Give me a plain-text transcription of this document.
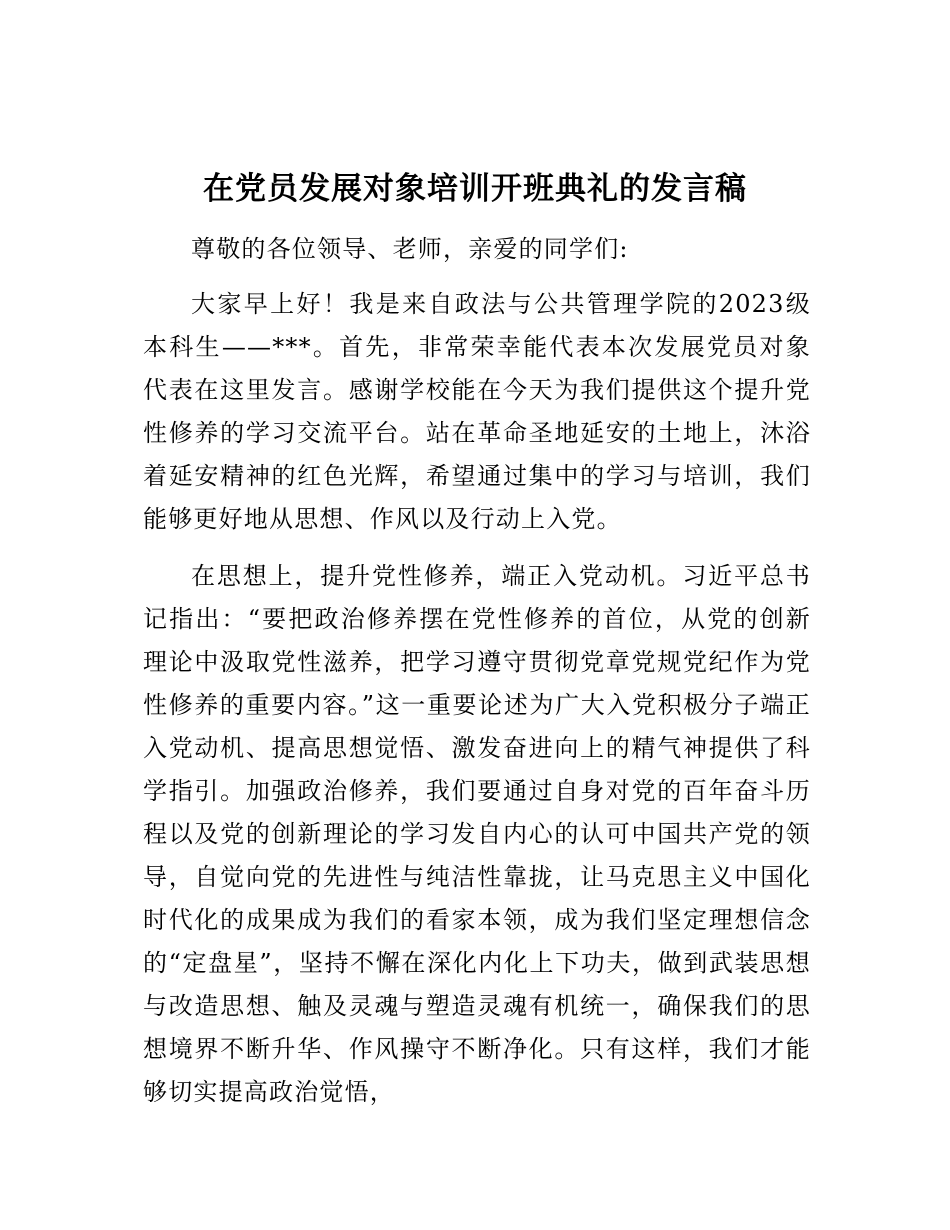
在党员发展对象培训开班典礼的发言稿

尊敬的各位领导、老师，亲爱的同学们:

大家早上好！我是来自政法与公共管理学院的2023级本科生——***。首先，非常荣幸能代表本次发展党员对象代表在这里发言。感谢学校能在今天为我们提供这个提升党性修养的学习交流平台。站在革命圣地延安的土地上，沐浴着延安精神的红色光辉，希望通过集中的学习与培训，我们能够更好地从思想、作风以及行动上入党。

在思想上，提升党性修养，端正入党动机。习近平总书记指出：“要把政治修养摆在党性修养的首位，从党的创新理论中汲取党性滋养，把学习遵守贯彻党章党规党纪作为党性修养的重要内容。”这一重要论述为广大入党积极分子端正入党动机、提高思想觉悟、激发奋进向上的精气神提供了科学指引。加强政治修养，我们要通过自身对党的百年奋斗历程以及党的创新理论的学习发自内心的认可中国共产党的领导，自觉向党的先进性与纯洁性靠拢，让马克思主义中国化时代化的成果成为我们的看家本领，成为我们坚定理想信念的“定盘星”，坚持不懈在深化内化上下功夫，做到武装思想与改造思想、触及灵魂与塑造灵魂有机统一，确保我们的思想境界不断升华、作风操守不断净化。只有这样，我们才能够切实提高政治觉悟，
